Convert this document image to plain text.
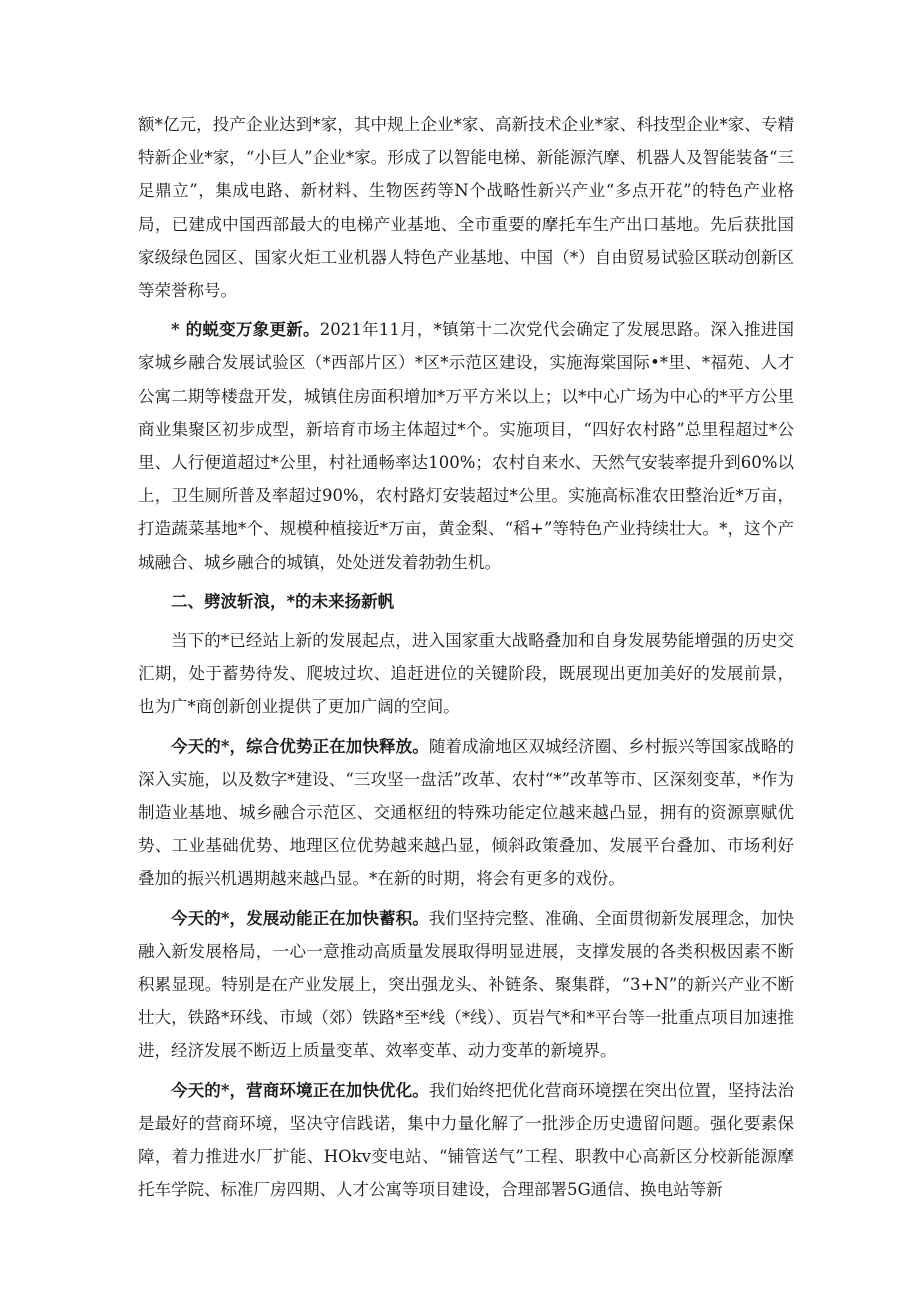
额*亿元，投产企业达到*家，其中规上企业*家、高新技术企业*家、科技型企业*家、专精特新企业*家，“小巨人”企业*家。形成了以智能电梯、新能源汽摩、机器人及智能装备“三足鼎立”，集成电路、新材料、生物医药等N个战略性新兴产业“多点开花”的特色产业格局，已建成中国西部最大的电梯产业基地、全市重要的摩托车生产出口基地。先后获批国家级绿色园区、国家火炬工业机器人特色产业基地、中国（*）自由贸易试验区联动创新区等荣誉称号。

* 的蜕变万象更新。2021年11月，*镇第十二次党代会确定了发展思路。深入推进国家城乡融合发展试验区（*西部片区）*区*示范区建设，实施海棠国际•*里、*福苑、人才公寓二期等楼盘开发，城镇住房面积增加*万平方米以上；以*中心广场为中心的*平方公里商业集聚区初步成型，新培育市场主体超过*个。实施项目，“四好农村路”总里程超过*公里、人行便道超过*公里，村社通畅率达100%；农村自来水、天然气安装率提升到60%以上，卫生厕所普及率超过90%，农村路灯安装超过*公里。实施高标准农田整治近*万亩，打造蔬菜基地*个、规模种植接近*万亩，黄金梨、“稻+”等特色产业持续壮大。*，这个产城融合、城乡融合的城镇，处处迸发着勃勃生机。

二、劈波斩浪，*的未来扬新帆

当下的*已经站上新的发展起点，进入国家重大战略叠加和自身发展势能增强的历史交汇期，处于蓄势待发、爬坡过坎、追赶进位的关键阶段，既展现出更加美好的发展前景，也为广*商创新创业提供了更加广阔的空间。

今天的*，综合优势正在加快释放。随着成渝地区双城经济圈、乡村振兴等国家战略的深入实施，以及数字*建设、“三攻坚一盘活”改革、农村“*”改革等市、区深刻变革，*作为制造业基地、城乡融合示范区、交通枢纽的特殊功能定位越来越凸显，拥有的资源禀赋优势、工业基础优势、地理区位优势越来越凸显，倾斜政策叠加、发展平台叠加、市场利好叠加的振兴机遇期越来越凸显。*在新的时期，将会有更多的戏份。

今天的*，发展动能正在加快蓄积。我们坚持完整、准确、全面贯彻新发展理念，加快融入新发展格局，一心一意推动高质量发展取得明显进展，支撑发展的各类积极因素不断积累显现。特别是在产业发展上，突出强龙头、补链条、聚集群，“3+N”的新兴产业不断壮大，铁路*环线、市域（郊）铁路*至*线（*线）、页岩气*和*平台等一批重点项目加速推进，经济发展不断迈上质量变革、效率变革、动力变革的新境界。

今天的*，营商环境正在加快优化。我们始终把优化营商环境摆在突出位置，坚持法治是最好的营商环境，坚决守信践诺，集中力量化解了一批涉企历史遗留问题。强化要素保障，着力推进水厂扩能、HOkv变电站、“铺管送气”工程、职教中心高新区分校新能源摩托车学院、标准厂房四期、人才公寓等项目建设，合理部署5G通信、换电站等新
